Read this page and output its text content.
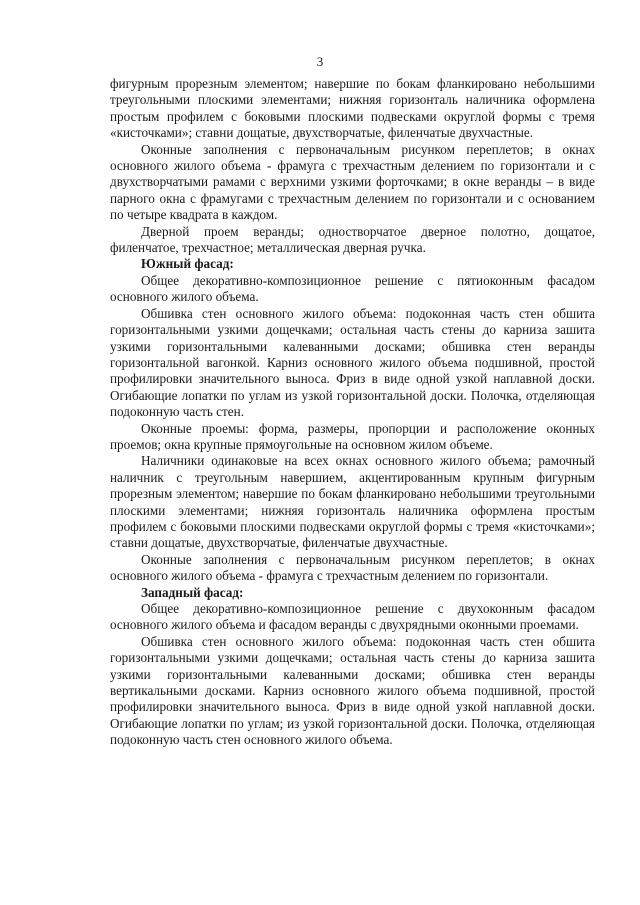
3

фигурным прорезным элементом; навершие по бокам фланкировано небольшими треугольными плоскими элементами; нижняя горизонталь наличника оформлена простым профилем с боковыми плоскими подвесками округлой формы с тремя «кисточками»; ставни дощатые, двухстворчатые, филенчатые двухчастные.

Оконные заполнения с первоначальным рисунком переплетов; в окнах основного жилого объема - фрамуга с трехчастным делением по горизонтали и с двухстворчатыми рамами с верхними узкими форточками; в окне веранды – в виде парного окна с фрамугами с трехчастным делением по горизонтали и с основанием по четыре квадрата в каждом.

Дверной проем веранды; одностворчатое дверное полотно, дощатое, филенчатое, трехчастное; металлическая дверная ручка.

Южный фасад:

Общее декоративно-композиционное решение с пятиоконным фасадом основного жилого объема.

Обшивка стен основного жилого объема: подоконная часть стен обшита горизонтальными узкими дощечками; остальная часть стены до карниза зашита узкими горизонтальными калеванными досками; обшивка стен веранды горизонтальной вагонкой. Карниз основного жилого объема подшивной, простой профилировки значительного выноса. Фриз в виде одной узкой наплавной доски. Огибающие лопатки по углам из узкой горизонтальной доски. Полочка, отделяющая подоконную часть стен.

Оконные проемы: форма, размеры, пропорции и расположение оконных проемов; окна крупные прямоугольные на основном жилом объеме.

Наличники одинаковые на всех окнах основного жилого объема; рамочный наличник с треугольным навершием, акцентированным крупным фигурным прорезным элементом; навершие по бокам фланкировано небольшими треугольными плоскими элементами; нижняя горизонталь наличника оформлена простым профилем с боковыми плоскими подвесками округлой формы с тремя «кисточками»; ставни дощатые, двухстворчатые, филенчатые двухчастные.

Оконные заполнения с первоначальным рисунком переплетов; в окнах основного жилого объема - фрамуга с трехчастным делением по горизонтали.

Западный фасад:

Общее декоративно-композиционное решение с двухоконным фасадом основного жилого объема и фасадом веранды с двухрядными оконными проемами.

Обшивка стен основного жилого объема: подоконная часть стен обшита горизонтальными узкими дощечками; остальная часть стены до карниза зашита узкими горизонтальными калеванными досками; обшивка стен веранды вертикальными досками. Карниз основного жилого объема подшивной, простой профилировки значительного выноса. Фриз в виде одной узкой наплавной доски. Огибающие лопатки по углам; из узкой горизонтальной доски. Полочка, отделяющая подоконную часть стен основного жилого объема.
